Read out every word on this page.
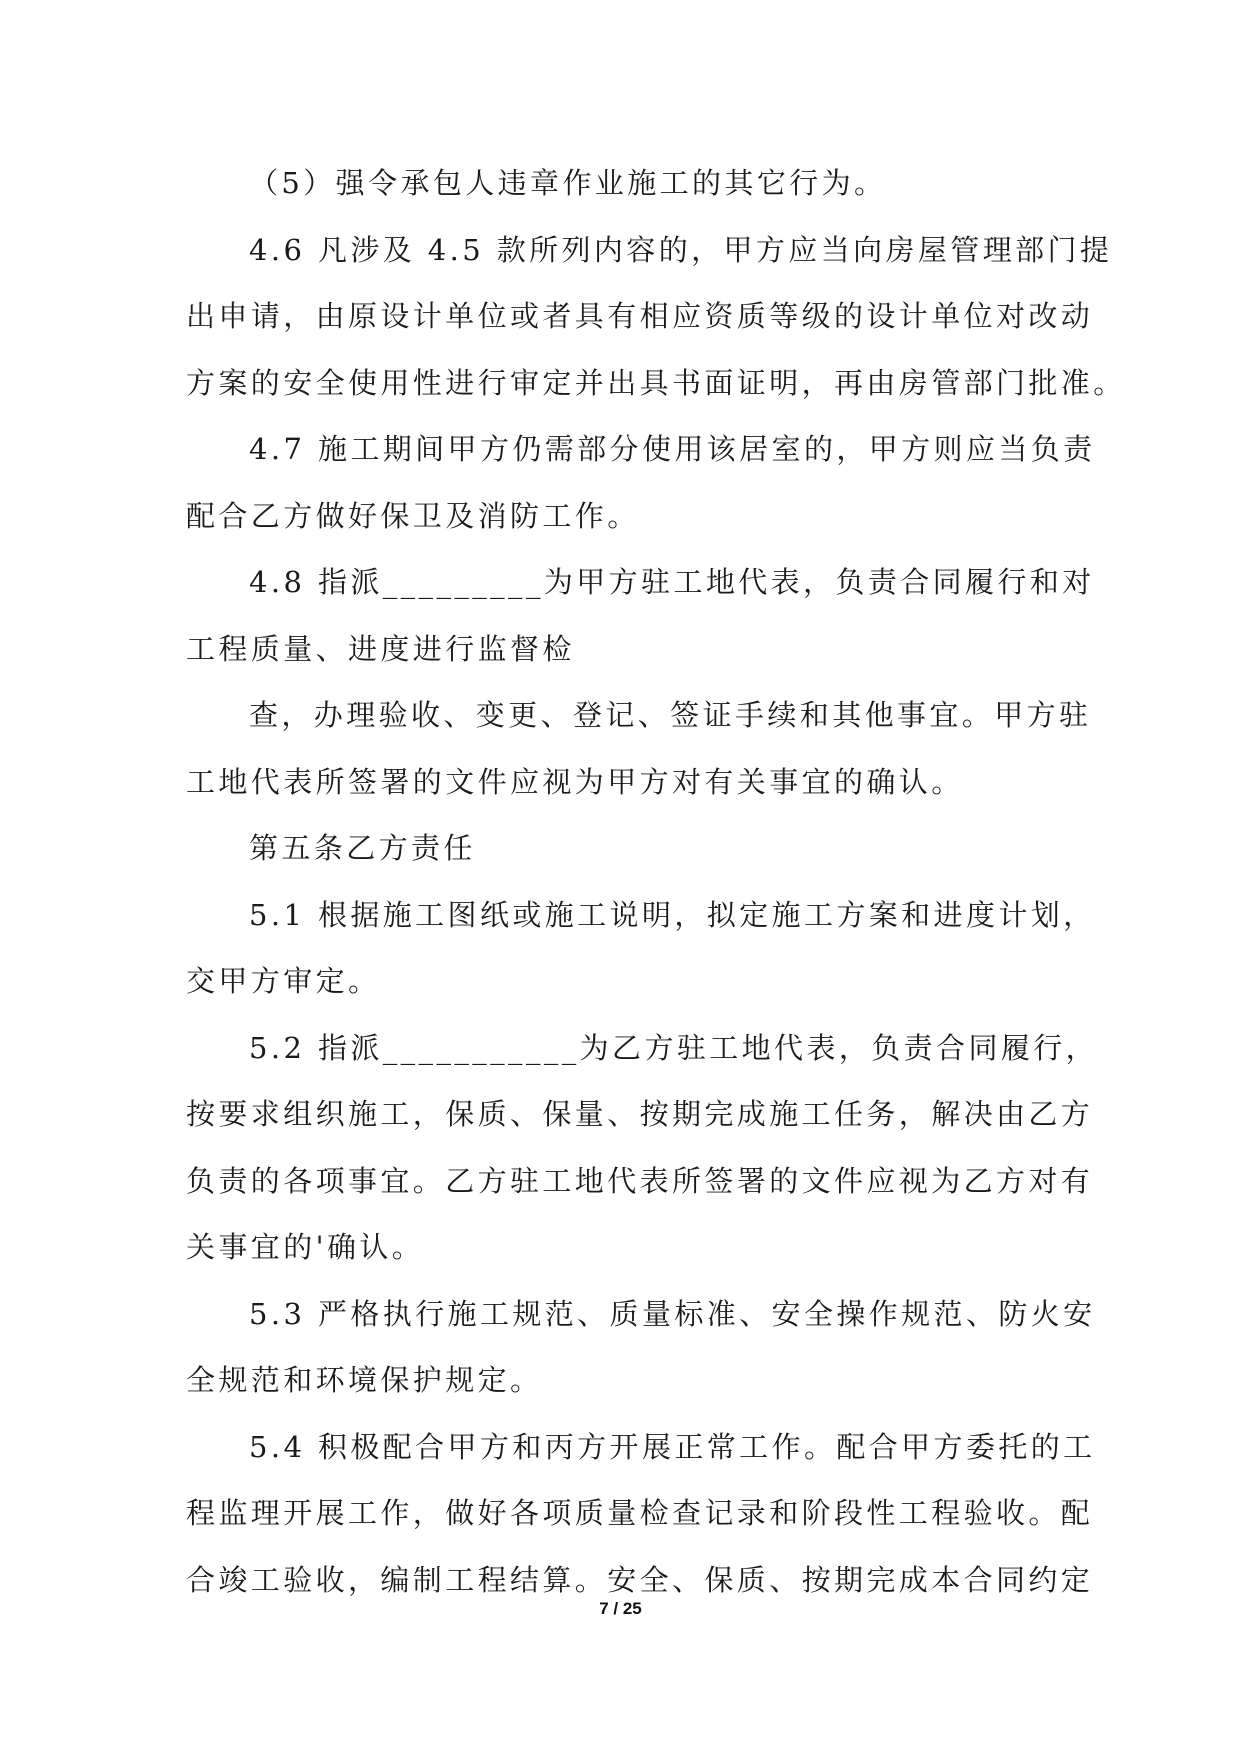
（5）强令承包人违章作业施工的其它行为。
4.6 凡涉及 4.5 款所列内容的，甲方应当向房屋管理部门提
出申请，由原设计单位或者具有相应资质等级的设计单位对改动
方案的安全使用性进行审定并出具书面证明，再由房管部门批准。
4.7 施工期间甲方仍需部分使用该居室的，甲方则应当负责
配合乙方做好保卫及消防工作。
4.8 指派_________为甲方驻工地代表，负责合同履行和对
工程质量、进度进行监督检
查，办理验收、变更、登记、签证手续和其他事宜。甲方驻
工地代表所签署的文件应视为甲方对有关事宜的确认。
第五条乙方责任
5.1 根据施工图纸或施工说明，拟定施工方案和进度计划，
交甲方审定。
5.2 指派___________为乙方驻工地代表，负责合同履行，
按要求组织施工，保质、保量、按期完成施工任务，解决由乙方
负责的各项事宜。乙方驻工地代表所签署的文件应视为乙方对有
关事宜的'确认。
5.3 严格执行施工规范、质量标准、安全操作规范、防火安
全规范和环境保护规定。
5.4 积极配合甲方和丙方开展正常工作。配合甲方委托的工
程监理开展工作，做好各项质量检查记录和阶段性工程验收。配
合竣工验收，编制工程结算。安全、保质、按期完成本合同约定
7 / 25
